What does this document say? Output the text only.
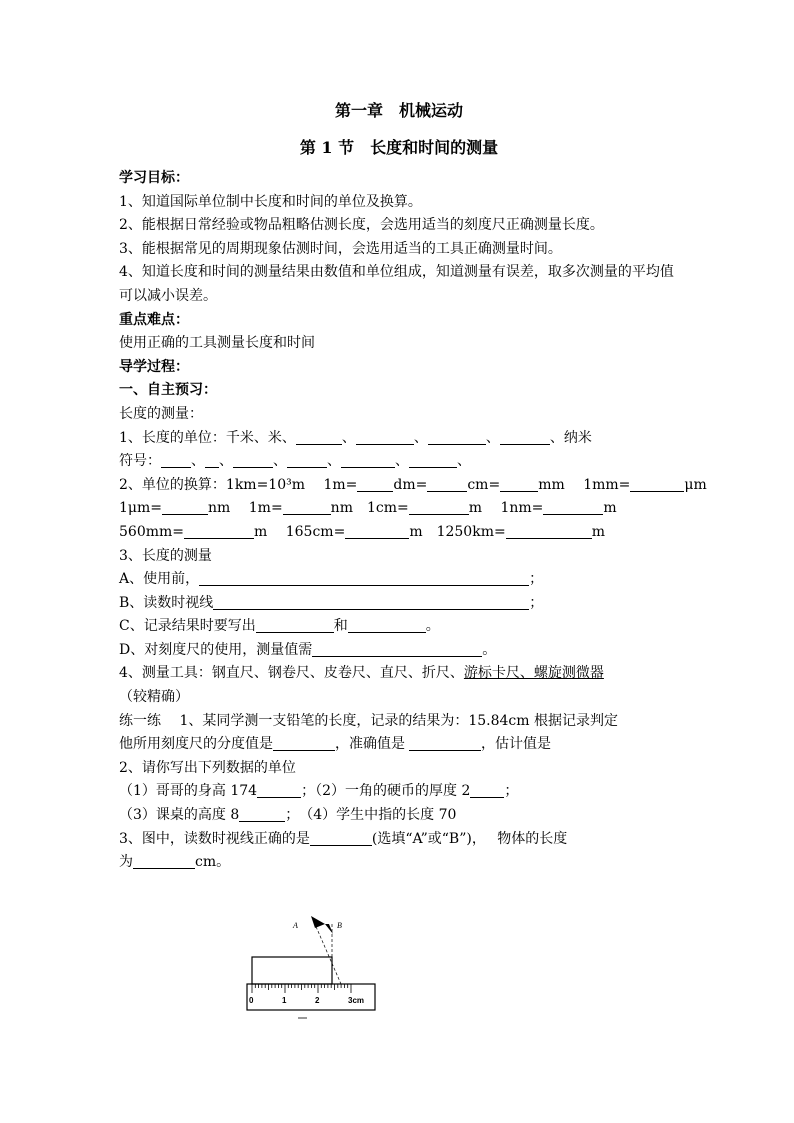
第一章　机械运动
第 1 节　长度和时间的测量
学习目标：
1、知道国际单位制中长度和时间的单位及换算。
2、能根据日常经验或物品粗略估测长度，会选用适当的刻度尺正确测量长度。
3、能根据常见的周期现象估测时间，会选用适当的工具正确测量时间。
4、知道长度和时间的测量结果由数值和单位组成，知道测量有误差，取多次测量的平均值可以减小误差。
重点难点：
使用正确的工具测量长度和时间
导学过程：
一、自主预习：
长度的测量：
1、长度的单位：千米、米、	、	、	、	、纳米
符号： 、 、	、	、	、	、
2、单位的换算：1km=10³m　 1m=	dm=	cm=	mm　 1mm=	μm
1μm=	nm　 1m=	nm　1cm=	m　 1nm=	m
560mm=	m　 165cm=	m　1250km=	m
3、长度的测量
A、使用前，	；
B、读数时视线	；
C、记录结果时要写出	和	。
D、对刻度尺的使用，测量值需	。
4、测量工具：钢直尺、钢卷尺、皮卷尺、直尺、折尺、游标卡尺、螺旋测微器
（较精确）
练一练　 1、某同学测一支铅笔的长度，记录的结果为：15.84cm 根据记录判定
他所用刻度尺的分度值是	，准确值是	，估计值是
2、请你写出下列数据的单位
（1）哥哥的身高 174	；（2）一角的硬币的厚度 2 ；
（3）课桌的高度 8	；　（4）学生中指的长度 70
3、图中，读数时视线正确的是	(选填“A”或“B”)，　 物体的长度
为	cm。
0	1	2	3cm
A	B
